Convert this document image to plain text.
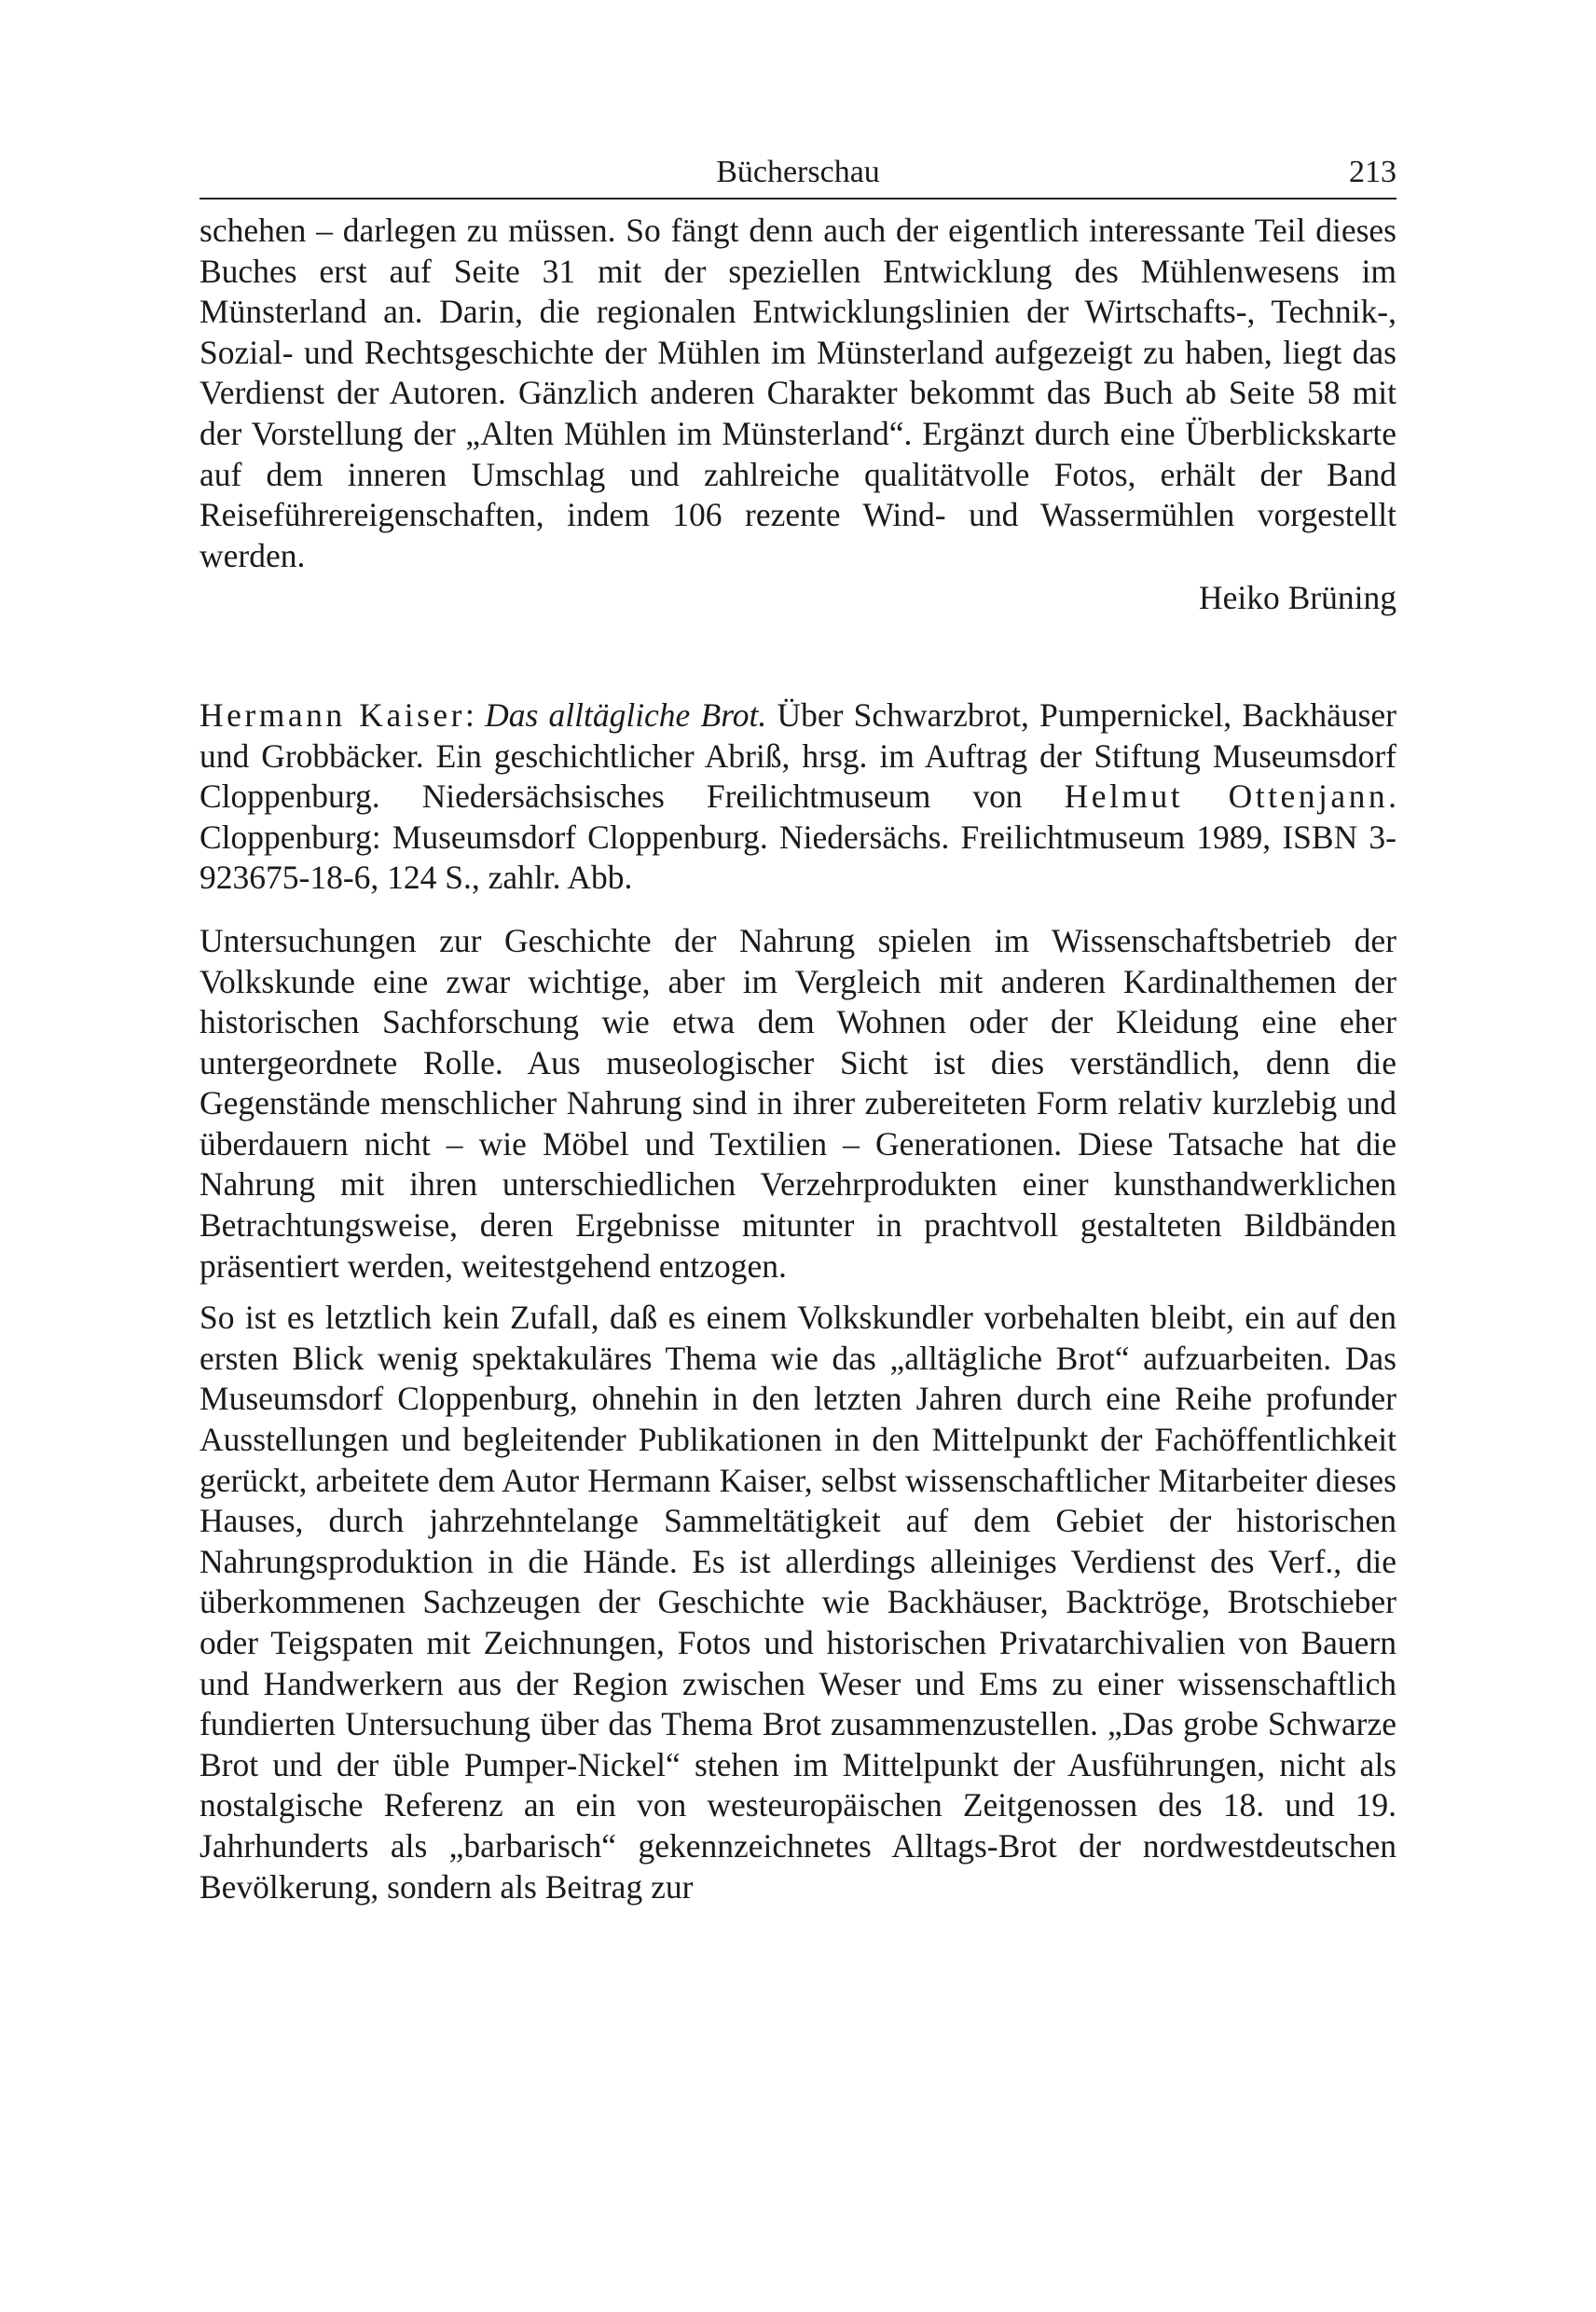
Bücherschau	213

schehen – darlegen zu müssen. So fängt denn auch der eigentlich interessante Teil dieses Buches erst auf Seite 31 mit der speziellen Entwicklung des Mühlenwesens im Münsterland an. Darin, die regionalen Entwicklungslinien der Wirtschafts-, Technik-, Sozial- und Rechtsgeschichte der Mühlen im Münsterland aufgezeigt zu haben, liegt das Verdienst der Autoren. Gänzlich anderen Charakter bekommt das Buch ab Seite 58 mit der Vorstellung der „Alten Mühlen im Münsterland“. Ergänzt durch eine Überblickskarte auf dem inneren Umschlag und zahlreiche qualitätvolle Fotos, erhält der Band Reiseführereigenschaften, indem 106 rezente Wind- und Wassermühlen vorgestellt werden.

Heiko Brüning

Hermann Kaiser: Das alltägliche Brot. Über Schwarzbrot, Pumpernickel, Backhäuser und Grobbäcker. Ein geschichtlicher Abriß, hrsg. im Auftrag der Stiftung Museumsdorf Cloppenburg. Niedersächsisches Freilichtmuseum von Helmut Ottenjann. Cloppenburg: Museumsdorf Cloppenburg. Niedersächs. Freilichtmuseum 1989, ISBN 3-923675-18-6, 124 S., zahlr. Abb.

Untersuchungen zur Geschichte der Nahrung spielen im Wissenschaftsbetrieb der Volkskunde eine zwar wichtige, aber im Vergleich mit anderen Kardinalthemen der historischen Sachforschung wie etwa dem Wohnen oder der Kleidung eine eher untergeordnete Rolle. Aus museologischer Sicht ist dies verständlich, denn die Gegenstände menschlicher Nahrung sind in ihrer zubereiteten Form relativ kurzlebig und überdauern nicht – wie Möbel und Textilien – Generationen. Diese Tatsache hat die Nahrung mit ihren unterschiedlichen Verzehrprodukten einer kunsthandwerklichen Betrachtungsweise, deren Ergebnisse mitunter in prachtvoll gestalteten Bildbänden präsentiert werden, weitestgehend entzogen.

So ist es letztlich kein Zufall, daß es einem Volkskundler vorbehalten bleibt, ein auf den ersten Blick wenig spektakuläres Thema wie das „alltägliche Brot“ aufzuarbeiten. Das Museumsdorf Cloppenburg, ohnehin in den letzten Jahren durch eine Reihe profunder Ausstellungen und begleitender Publikationen in den Mittelpunkt der Fachöffentlichkeit gerückt, arbeitete dem Autor Hermann Kaiser, selbst wissenschaftlicher Mitarbeiter dieses Hauses, durch jahrzehntelange Sammeltätigkeit auf dem Gebiet der historischen Nahrungsproduktion in die Hände. Es ist allerdings alleiniges Verdienst des Verf., die überkommenen Sachzeugen der Geschichte wie Backhäuser, Backtröge, Brotschieber oder Teigspaten mit Zeichnungen, Fotos und historischen Privatarchivalien von Bauern und Handwerkern aus der Region zwischen Weser und Ems zu einer wissenschaftlich fundierten Untersuchung über das Thema Brot zusammenzustellen. „Das grobe Schwarze Brot und der üble Pumper-Nickel“ stehen im Mittelpunkt der Ausführungen, nicht als nostalgische Referenz an ein von westeuropäischen Zeitgenossen des 18. und 19. Jahrhunderts als „barbarisch“ gekennzeichnetes Alltags-Brot der nordwestdeutschen Bevölkerung, sondern als Beitrag zur
